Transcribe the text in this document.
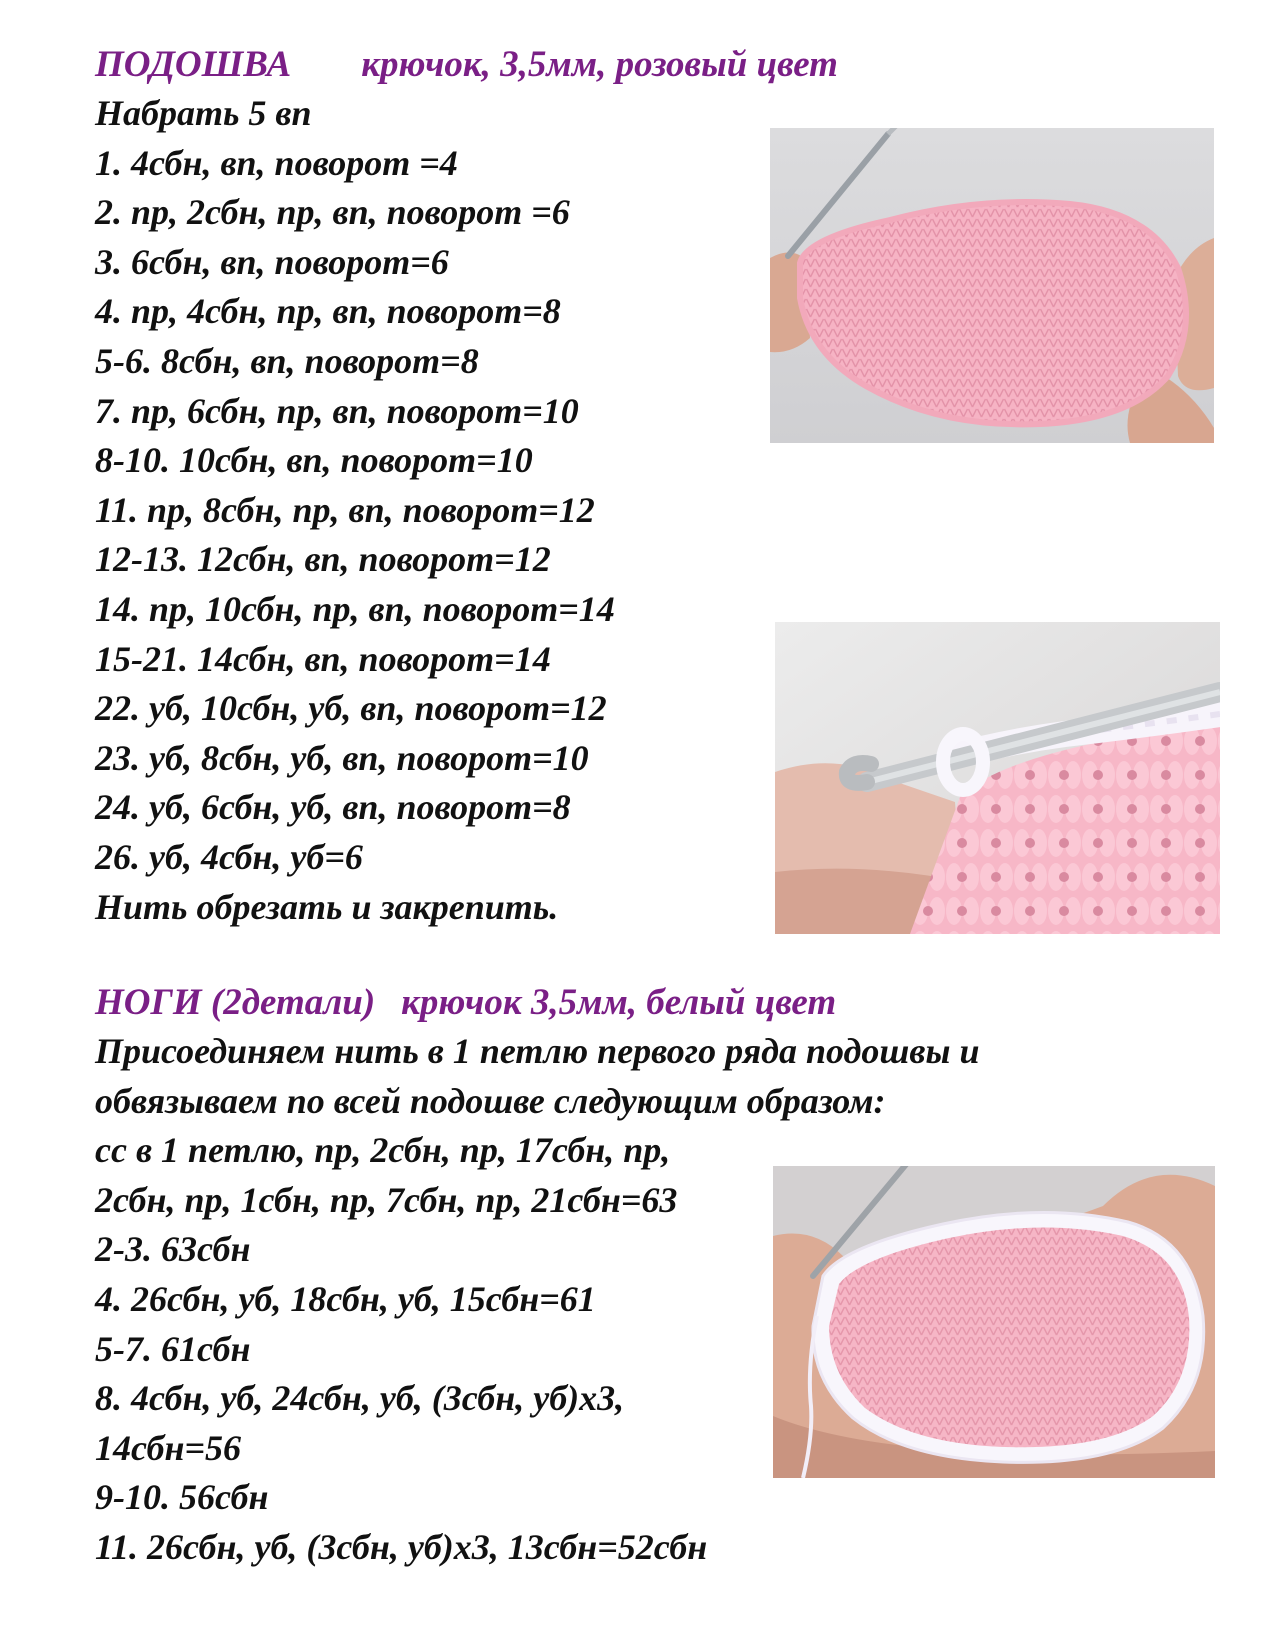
ПОДОШВА крючок, 3,5мм, розовый цвет

Набрать 5 вп

1. 4сбн, вп, поворот =4

2. пр, 2сбн, пр, вп, поворот =6

3. 6сбн, вп, поворот=6

4. пр, 4сбн, пр, вп, поворот=8

5-6. 8сбн, вп, поворот=8

7. пр, 6сбн, пр, вп, поворот=10

8-10. 10сбн, вп, поворот=10

11. пр, 8сбн, пр, вп, поворот=12

12-13. 12сбн, вп, поворот=12

14. пр, 10сбн, пр, вп, поворот=14

15-21. 14сбн, вп, поворот=14

22. уб, 10сбн, уб, вп, поворот=12

23. уб, 8сбн, уб, вп, поворот=10

24. уб, 6сбн, уб, вп, поворот=8

26. уб, 4сбн, уб=6

Нить обрезать и закрепить.

НОГИ (2детали) крючок 3,5мм, белый цвет

Присоединяем нить в 1 петлю первого ряда подошвы и

обвязываем по всей подошве следующим образом:

сс в 1 петлю, пр, 2сбн, пр, 17сбн, пр,

2сбн, пр, 1сбн, пр, 7сбн, пр, 21сбн=63

2-3. 63сбн

4. 26сбн, уб, 18сбн, уб, 15сбн=61

5-7. 61сбн

8. 4сбн, уб, 24сбн, уб, (3сбн, уб)х3,

14сбн=56

9-10. 56сбн

11. 26сбн, уб, (3сбн, уб)х3, 13сбн=52сбн
